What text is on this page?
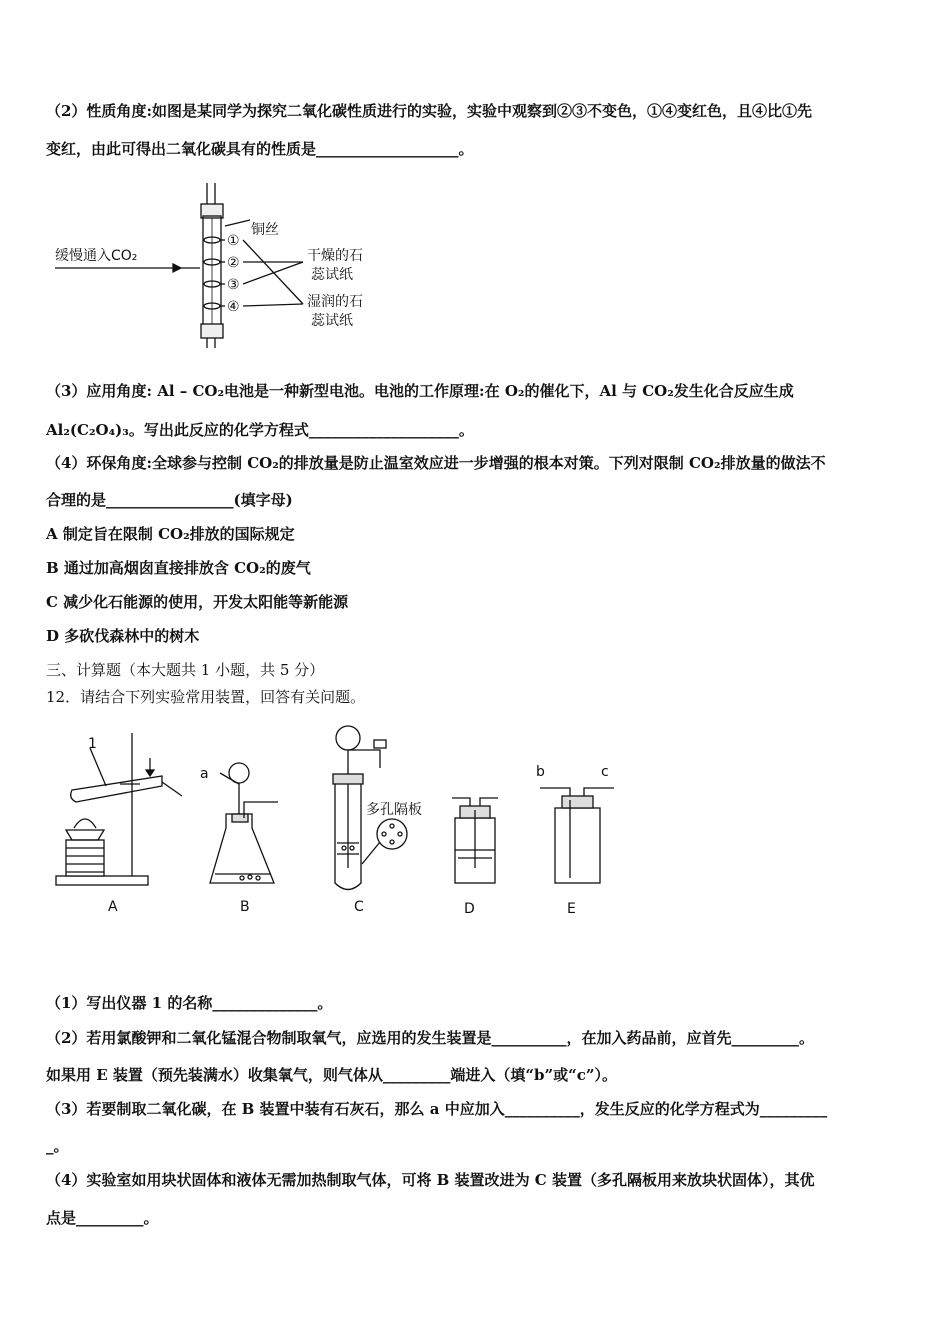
（2）性质角度:如图是某同学为探究二氧化碳性质进行的实验，实验中观察到②③不变色，①④变红色，且④比①先
变红，由此可得出二氧化碳具有的性质是___________________。
缓慢通入CO₂
①
②
③
④
铜丝
干燥的石
蕊试纸
湿润的石
蕊试纸
（3）应用角度: Al – CO₂电池是一种新型电池。电池的工作原理:在 O₂的催化下，Al 与 CO₂发生化合反应生成
Al₂(C₂O₄)₃。写出此反应的化学方程式____________________。
（4）环保角度:全球参与控制 CO₂的排放量是防止温室效应进一步增强的根本对策。下列对限制 CO₂排放量的做法不
合理的是_________________(填字母)
A 制定旨在限制 CO₂排放的国际规定
B 通过加高烟囱直接排放含 CO₂的废气
C 减少化石能源的使用，开发太阳能等新能源
D 多砍伐森林中的树木
三、计算题（本大题共 1 小题，共 5 分）
12．请结合下列实验常用装置，回答有关问题。
1
a	b	c
多孔隔板
A	B	C	D	E
（1）写出仪器 1 的名称______________。
（2）若用氯酸钾和二氧化锰混合物制取氧气，应选用的发生装置是__________，在加入药品前，应首先_________。
如果用 E 装置（预先装满水）收集氧气，则气体从_________端进入（填“b”或“c”）。
（3）若要制取二氧化碳，在 B 装置中装有石灰石，那么 a 中应加入__________，发生反应的化学方程式为_________
_。
（4）实验室如用块状固体和液体无需加热制取气体，可将 B 装置改进为 C 装置（多孔隔板用来放块状固体），其优
点是_________。
